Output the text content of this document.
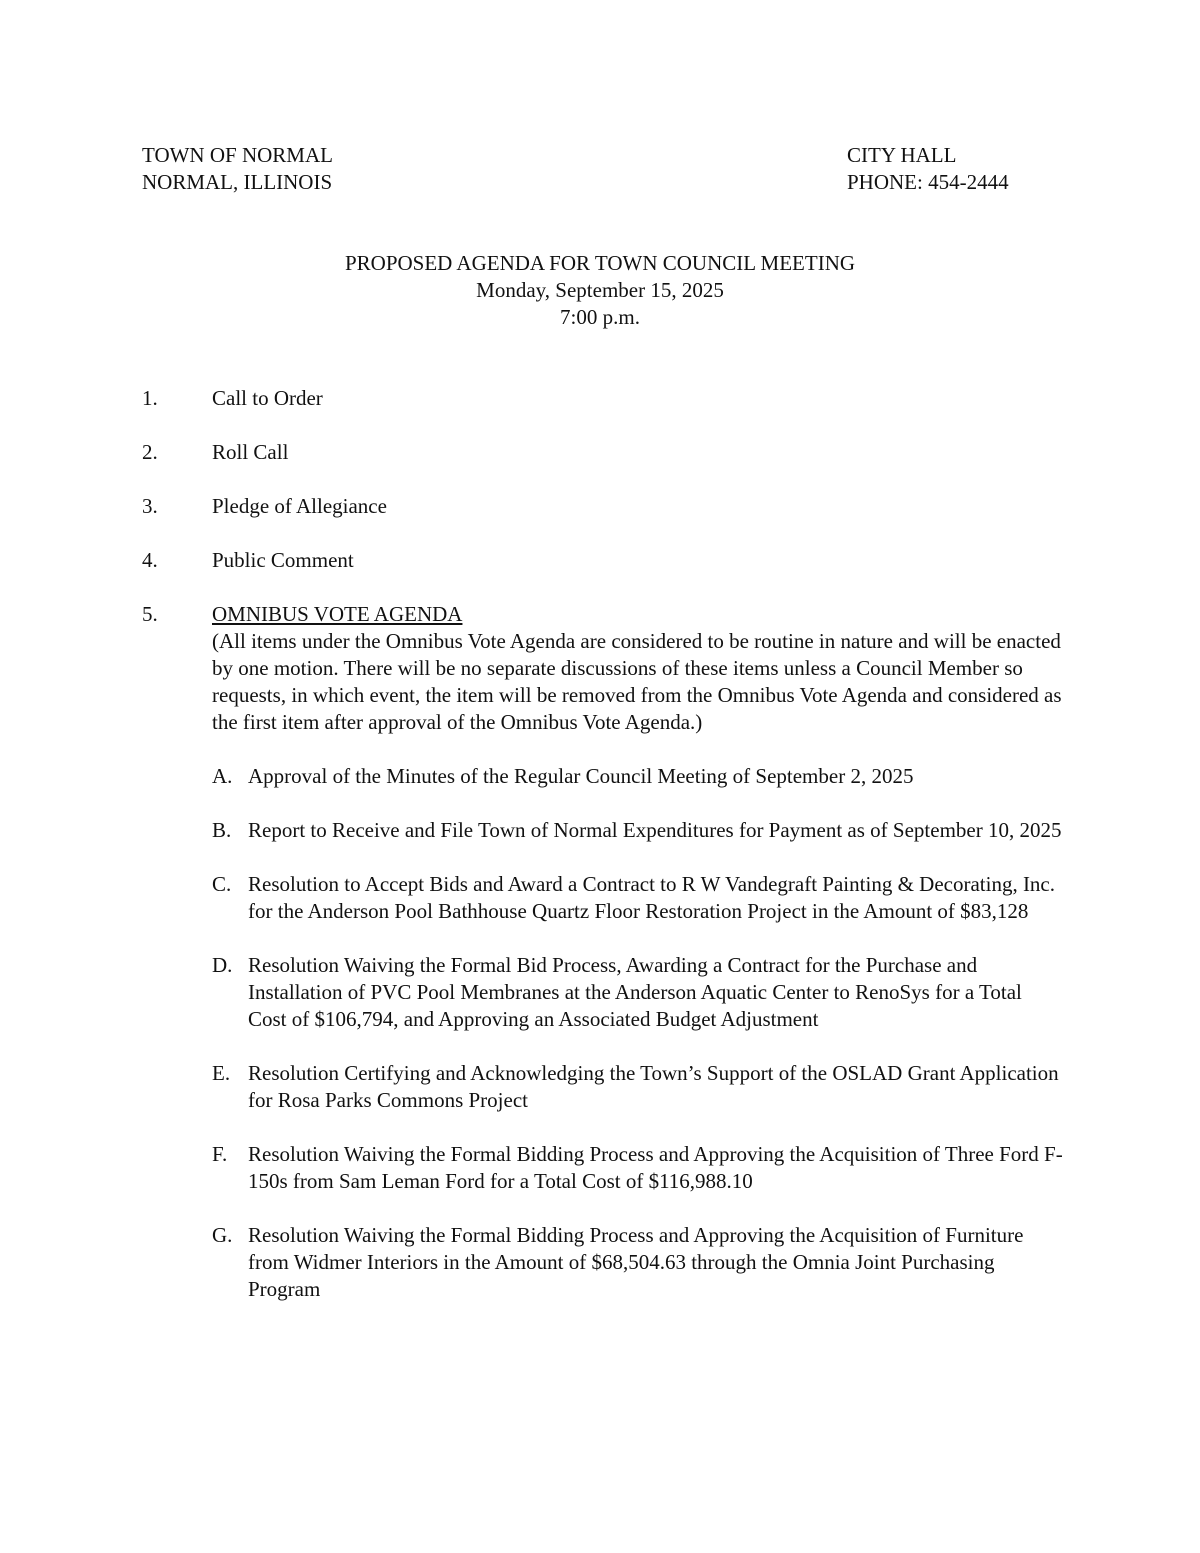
TOWN OF NORMAL
NORMAL, ILLINOIS
CITY HALL
PHONE: 454-2444
PROPOSED AGENDA FOR TOWN COUNCIL MEETING
Monday, September 15, 2025
7:00 p.m.
1.	Call to Order
2.	Roll Call
3.	Pledge of Allegiance
4.	Public Comment
5.	OMNIBUS VOTE AGENDA
(All items under the Omnibus Vote Agenda are considered to be routine in nature and will be enacted by one motion. There will be no separate discussions of these items unless a Council Member so requests, in which event, the item will be removed from the Omnibus Vote Agenda and considered as the first item after approval of the Omnibus Vote Agenda.)
A. Approval of the Minutes of the Regular Council Meeting of September 2, 2025
B. Report to Receive and File Town of Normal Expenditures for Payment as of September 10, 2025
C. Resolution to Accept Bids and Award a Contract to R W Vandegraft Painting & Decorating, Inc. for the Anderson Pool Bathhouse Quartz Floor Restoration Project in the Amount of $83,128
D. Resolution Waiving the Formal Bid Process, Awarding a Contract for the Purchase and Installation of PVC Pool Membranes at the Anderson Aquatic Center to RenoSys for a Total Cost of $106,794, and Approving an Associated Budget Adjustment
E. Resolution Certifying and Acknowledging the Town’s Support of the OSLAD Grant Application for Rosa Parks Commons Project
F. Resolution Waiving the Formal Bidding Process and Approving the Acquisition of Three Ford F-150s from Sam Leman Ford for a Total Cost of $116,988.10
G. Resolution Waiving the Formal Bidding Process and Approving the Acquisition of Furniture from Widmer Interiors in the Amount of $68,504.63 through the Omnia Joint Purchasing Program
